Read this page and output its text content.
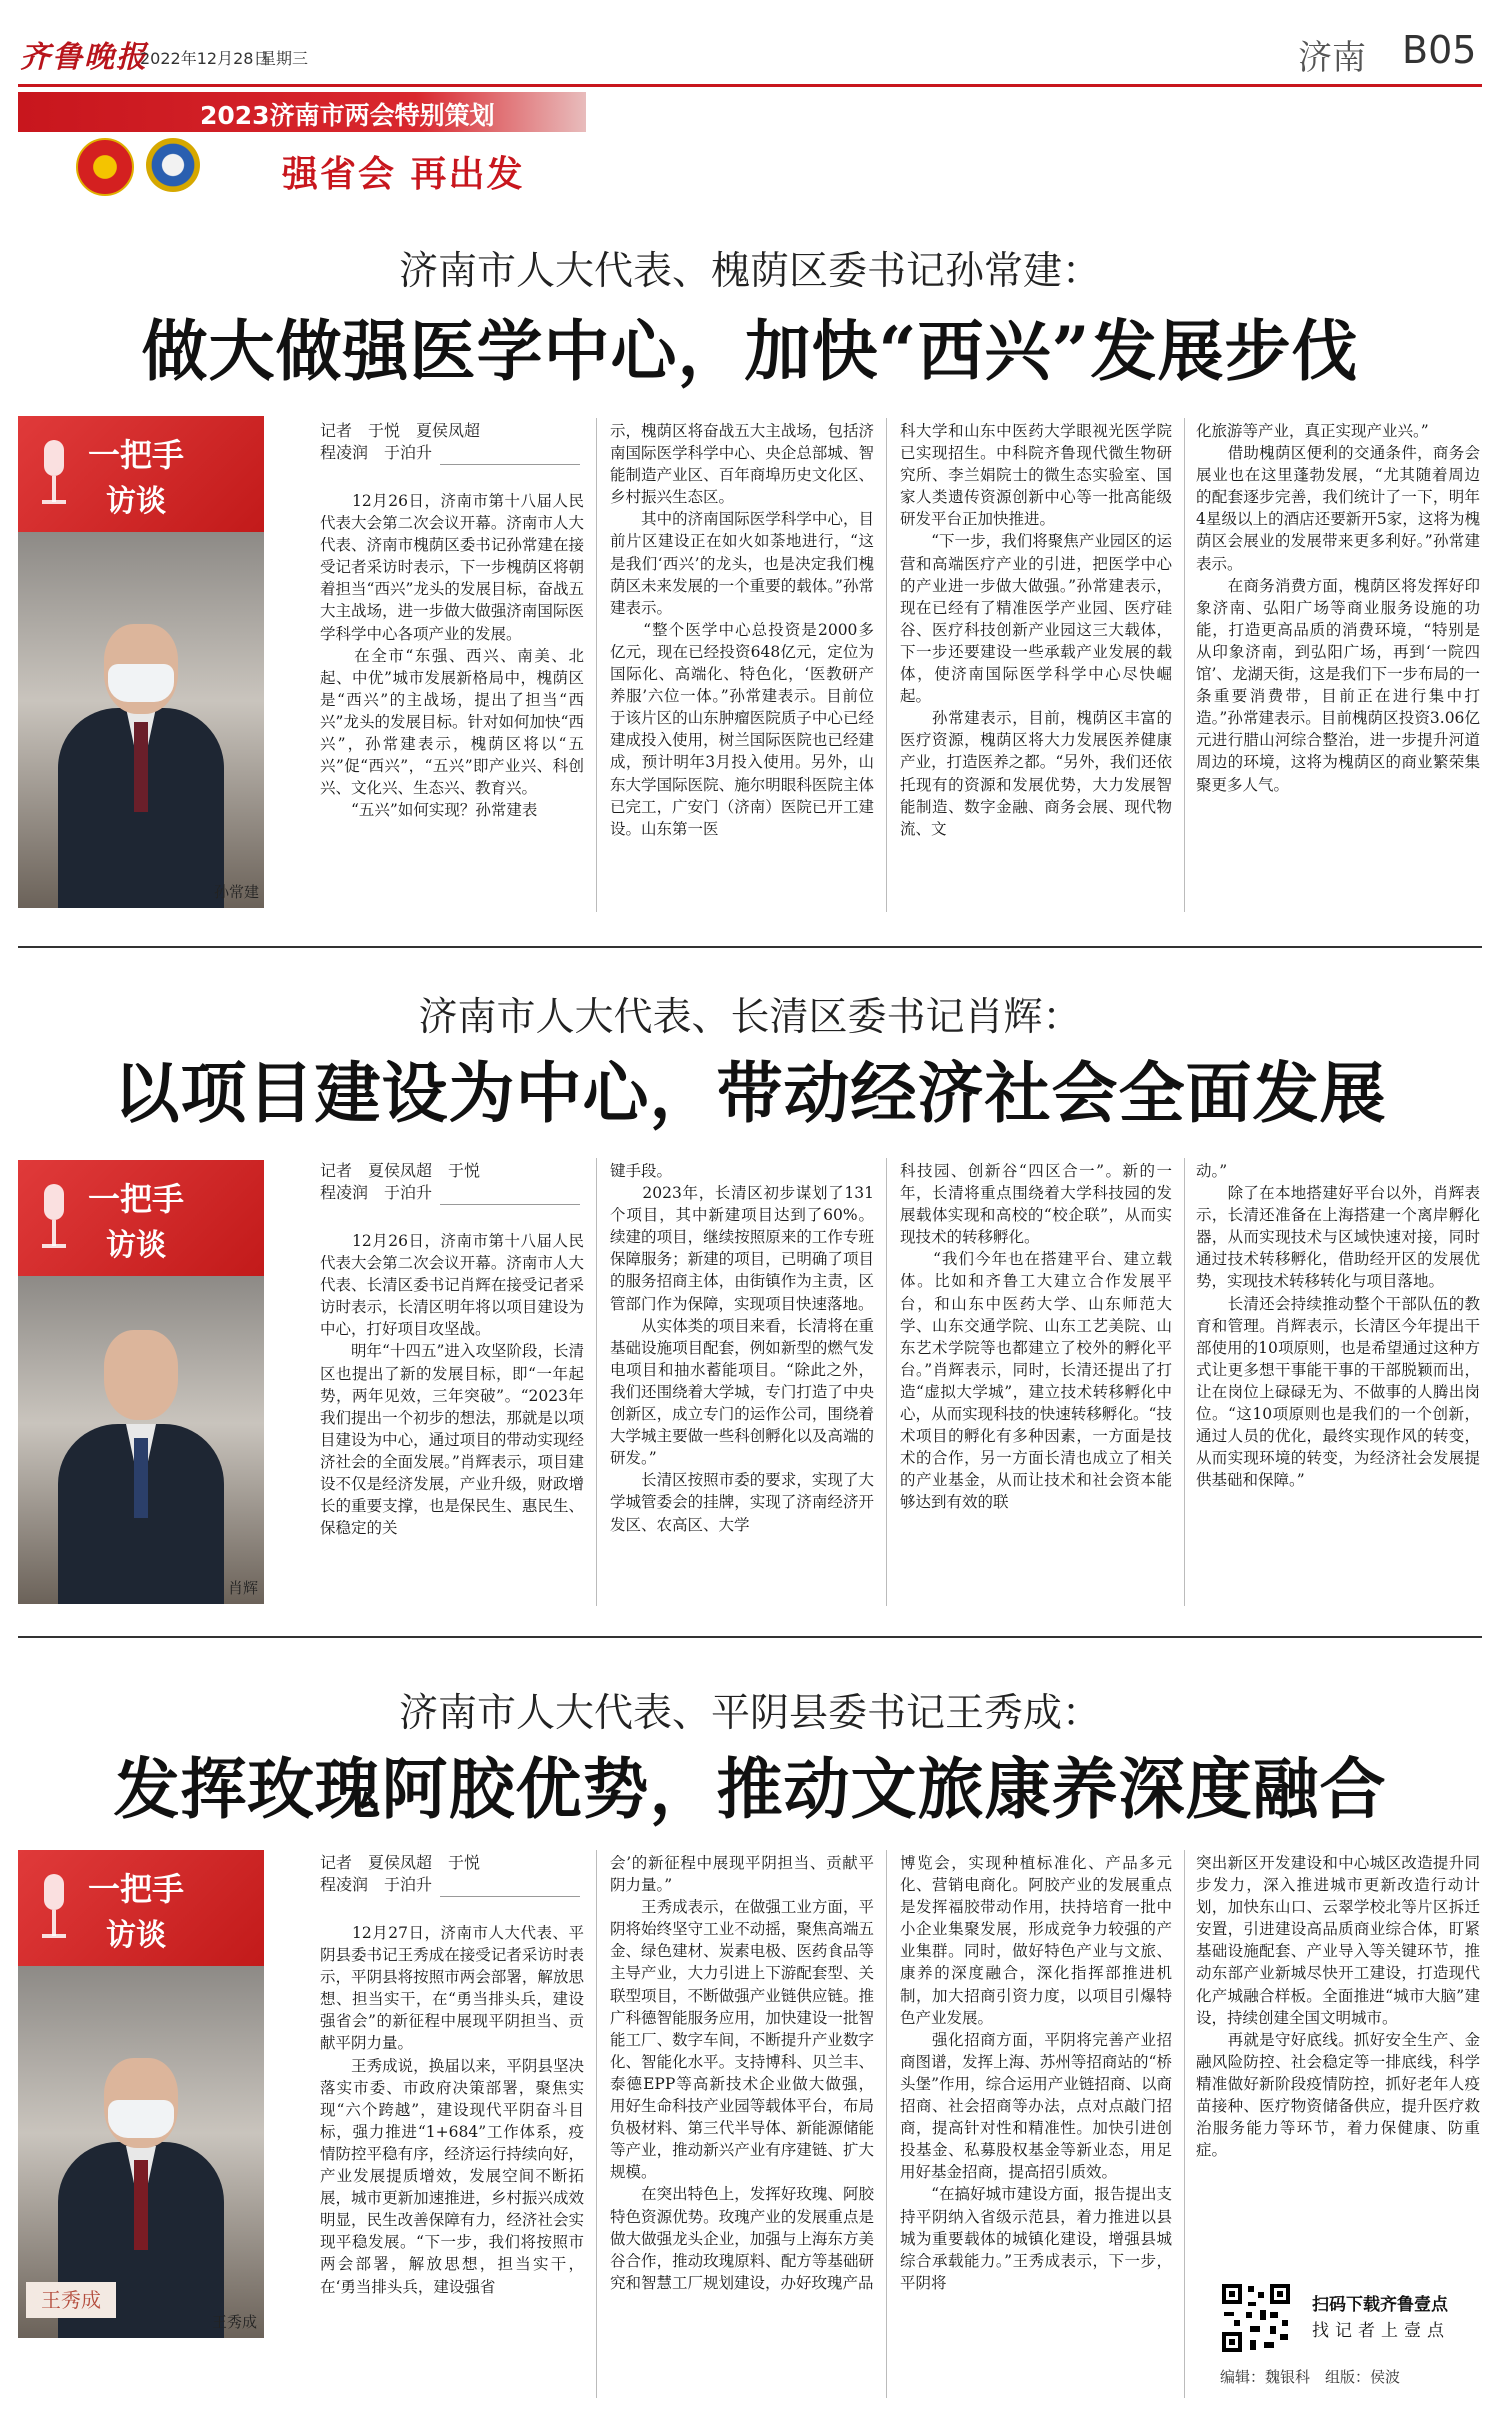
齐鲁晚报
2022年12月28日
星期三	济南 B05
2023济南市两会特别策划
强省会 再出发
济南市人大代表、槐荫区委书记孙常建：
做大做强医学中心，加快“西兴”发展步伐
一把手
访谈
孙常建
记者　于悦　夏侯凤超
程凌润　于泊升
　　12月26日，济南市第十八届人民代表大会第二次会议开幕。济南市人大代表、济南市槐荫区委书记孙常建在接受记者采访时表示，下一步槐荫区将朝着担当“西兴”龙头的发展目标，奋战五大主战场，进一步做大做强济南国际医学科学中心各项产业的发展。
　　在全市“东强、西兴、南美、北起、中优”城市发展新格局中，槐荫区是“西兴”的主战场，提出了担当“西兴”龙头的发展目标。针对如何加快“西兴”，孙常建表示，槐荫区将以“五兴”促“西兴”，“五兴”即产业兴、科创兴、文化兴、生态兴、教育兴。
　　“五兴”如何实现？孙常建表
示，槐荫区将奋战五大主战场，包括济南国际医学科学中心、央企总部城、智能制造产业区、百年商埠历史文化区、乡村振兴生态区。
　　其中的济南国际医学科学中心，目前片区建设正在如火如荼地进行，“这是我们‘西兴’的龙头，也是决定我们槐荫区未来发展的一个重要的载体。”孙常建表示。
　　“整个医学中心总投资是2000多亿元，现在已经投资648亿元，定位为国际化、高端化、特色化，‘医教研产养服’六位一体。”孙常建表示。目前位于该片区的山东肿瘤医院质子中心已经建成投入使用，树兰国际医院也已经建成，预计明年3月投入使用。另外，山东大学国际医院、施尔明眼科医院主体已完工，广安门（济南）医院已开工建设。山东第一医
科大学和山东中医药大学眼视光医学院已实现招生。中科院齐鲁现代微生物研究所、李兰娟院士的微生态实验室、国家人类遗传资源创新中心等一批高能级研发平台正加快推进。
　　“下一步，我们将聚焦产业园区的运营和高端医疗产业的引进，把医学中心的产业进一步做大做强。”孙常建表示，现在已经有了精准医学产业园、医疗硅谷、医疗科技创新产业园这三大载体，下一步还要建设一些承载产业发展的载体，使济南国际医学科学中心尽快崛起。
　　孙常建表示，目前，槐荫区丰富的医疗资源，槐荫区将大力发展医养健康产业，打造医养之都。“另外，我们还依托现有的资源和发展优势，大力发展智能制造、数字金融、商务会展、现代物流、文
化旅游等产业，真正实现产业兴。”
　　借助槐荫区便利的交通条件，商务会展业也在这里蓬勃发展，“尤其随着周边的配套逐步完善，我们统计了一下，明年4星级以上的酒店还要新开5家，这将为槐荫区会展业的发展带来更多利好。”孙常建表示。
　　在商务消费方面，槐荫区将发挥好印象济南、弘阳广场等商业服务设施的功能，打造更高品质的消费环境，“特别是从印象济南，到弘阳广场，再到‘一院四馆’、龙湖天街，这是我们下一步布局的一条重要消费带，目前正在进行集中打造。”孙常建表示。目前槐荫区投资3.06亿元进行腊山河综合整治，进一步提升河道周边的环境，这将为槐荫区的商业繁荣集聚更多人气。
济南市人大代表、长清区委书记肖辉：
以项目建设为中心，带动经济社会全面发展
一把手
访谈
肖辉
记者　夏侯凤超　于悦
程凌润　于泊升
　　12月26日，济南市第十八届人民代表大会第二次会议开幕。济南市人大代表、长清区委书记肖辉在接受记者采访时表示，长清区明年将以项目建设为中心，打好项目攻坚战。
　　明年“十四五”进入攻坚阶段，长清区也提出了新的发展目标，即“一年起势，两年见效，三年突破”。“2023年我们提出一个初步的想法，那就是以项目建设为中心，通过项目的带动实现经济社会的全面发展。”肖辉表示，项目建设不仅是经济发展，产业升级，财政增长的重要支撑，也是保民生、惠民生、保稳定的关
键手段。
　　2023年，长清区初步谋划了131个项目，其中新建项目达到了60%。续建的项目，继续按照原来的工作专班保障服务；新建的项目，已明确了项目的服务招商主体，由街镇作为主责，区管部门作为保障，实现项目快速落地。
　　从实体类的项目来看，长清将在重基础设施项目配套，例如新型的燃气发电项目和抽水蓄能项目。“除此之外，我们还围绕着大学城，专门打造了中央创新区，成立专门的运作公司，围绕着大学城主要做一些科创孵化以及高端的研发。”
　　长清区按照市委的要求，实现了大学城管委会的挂牌，实现了济南经济开发区、农高区、大学
科技园、创新谷“四区合一”。新的一年，长清将重点围绕着大学科技园的发展载体实现和高校的“校企联”，从而实现技术的转移孵化。
　　“我们今年也在搭建平台、建立载体。比如和齐鲁工大建立合作发展平台，和山东中医药大学、山东师范大学、山东交通学院、山东工艺美院、山东艺术学院等也都建立了校外的孵化平台。”肖辉表示，同时，长清还提出了打造“虚拟大学城”，建立技术转移孵化中心，从而实现科技的快速转移孵化。“技术项目的孵化有多种因素，一方面是技术的合作，另一方面长清也成立了相关的产业基金，从而让技术和社会资本能够达到有效的联
动。”
　　除了在本地搭建好平台以外，肖辉表示，长清还准备在上海搭建一个离岸孵化器，从而实现技术与区域快速对接，同时通过技术转移孵化，借助经开区的发展优势，实现技术转移转化与项目落地。
　　长清还会持续推动整个干部队伍的教育和管理。肖辉表示，长清区今年提出干部使用的10项原则，也是希望通过这种方式让更多想干事能干事的干部脱颖而出，让在岗位上碌碌无为、不做事的人腾出岗位。“这10项原则也是我们的一个创新，通过人员的优化，最终实现作风的转变，从而实现环境的转变，为经济社会发展提供基础和保障。”
济南市人大代表、平阴县委书记王秀成：
发挥玫瑰阿胶优势，推动文旅康养深度融合
一把手
访谈
王秀成
王秀成
记者　夏侯凤超　于悦
程凌润　于泊升
　　12月27日，济南市人大代表、平阴县委书记王秀成在接受记者采访时表示，平阴县将按照市两会部署，解放思想、担当实干，在“勇当排头兵，建设强省会”的新征程中展现平阴担当、贡献平阴力量。
　　王秀成说，换届以来，平阴县坚决落实市委、市政府决策部署，聚焦实现“六个跨越”，建设现代平阴奋斗目标，强力推进“1+684”工作体系，疫情防控平稳有序，经济运行持续向好，产业发展提质增效，发展空间不断拓展，城市更新加速推进，乡村振兴成效明显，民生改善保障有力，经济社会实现平稳发展。“下一步，我们将按照市两会部署，解放思想，担当实干，在‘勇当排头兵，建设强省
会’的新征程中展现平阴担当、贡献平阴力量。”
　　王秀成表示，在做强工业方面，平阴将始终坚守工业不动摇，聚焦高端五金、绿色建材、炭素电极、医药食品等主导产业，大力引进上下游配套型、关联型项目，不断做强产业链供应链。推广科德智能服务应用，加快建设一批智能工厂、数字车间，不断提升产业数字化、智能化水平。支持博科、贝兰丰、泰德EPP等高新技术企业做大做强，用好生命科技产业园等载体平台，布局负极材料、第三代半导体、新能源储能等产业，推动新兴产业有序建链、扩大规模。
　　在突出特色上，发挥好玫瑰、阿胶特色资源优势。玫瑰产业的发展重点是做大做强龙头企业，加强与上海东方美谷合作，推动玫瑰原料、配方等基础研究和智慧工厂规划建设，办好玫瑰产品
博览会，实现种植标准化、产品多元化、营销电商化。阿胶产业的发展重点是发挥福胶带动作用，扶持培育一批中小企业集聚发展，形成竞争力较强的产业集群。同时，做好特色产业与文旅、康养的深度融合，深化指挥部推进机制，加大招商引资力度，以项目引爆特色产业发展。
　　强化招商方面，平阴将完善产业招商图谱，发挥上海、苏州等招商站的“桥头堡”作用，综合运用产业链招商、以商招商、社会招商等办法，点对点敲门招商，提高针对性和精准性。加快引进创投基金、私募股权基金等新业态，用足用好基金招商，提高招引质效。
　　“在搞好城市建设方面，报告提出支持平阴纳入省级示范县，着力推进以县城为重要载体的城镇化建设，增强县城综合承载能力。”王秀成表示，下一步，平阴将
突出新区开发建设和中心城区改造提升同步发力，深入推进城市更新改造行动计划，加快东山口、云翠学校北等片区拆迁安置，引进建设高品质商业综合体，盯紧基础设施配套、产业导入等关键环节，推动东部产业新城尽快开工建设，打造现代化产城融合样板。全面推进“城市大脑”建设，持续创建全国文明城市。
　　再就是守好底线。抓好安全生产、金融风险防控、社会稳定等一排底线，科学精准做好新阶段疫情防控，抓好老年人疫苗接种、医疗物资储备供应，提升医疗救治服务能力等环节，着力保健康、防重症。
扫码下载齐鲁壹点
找记者上壹点
编辑：魏银科　组版：侯波
